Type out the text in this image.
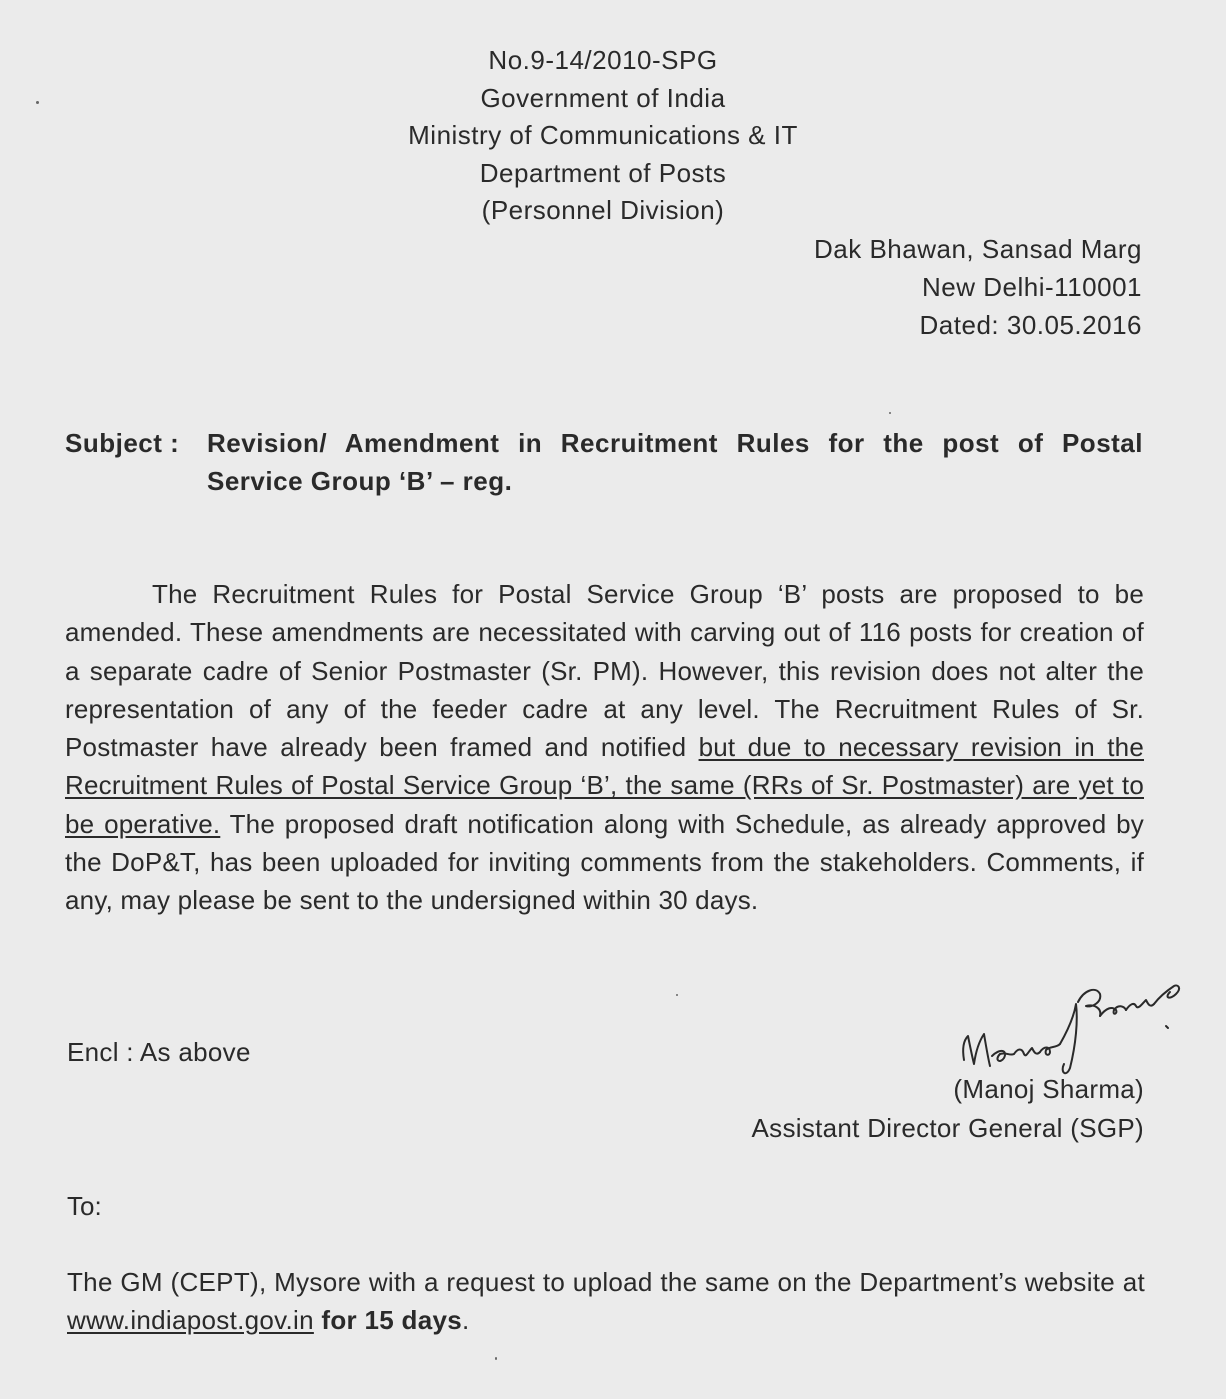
No.9-14/2010-SPG
Government of India
Ministry of Communications & IT
Department of Posts
(Personnel Division)
Dak Bhawan, Sansad Marg
New Delhi-110001
Dated: 30.05.2016
Subject : Revision/ Amendment in Recruitment Rules for the post of Postal Service Group ‘B’ – reg.
The Recruitment Rules for Postal Service Group ‘B’ posts are proposed to be amended. These amendments are necessitated with carving out of 116 posts for creation of a separate cadre of Senior Postmaster (Sr. PM). However, this revision does not alter the representation of any of the feeder cadre at any level. The Recruitment Rules of Sr. Postmaster have already been framed and notified but due to necessary revision in the Recruitment Rules of Postal Service Group ‘B’, the same (RRs of Sr. Postmaster) are yet to be operative. The proposed draft notification along with Schedule, as already approved by the DoP&T, has been uploaded for inviting comments from the stakeholders. Comments, if any, may please be sent to the undersigned within 30 days.
Encl : As above
(Manoj Sharma)
Assistant Director General (SGP)
To:
The GM (CEPT), Mysore with a request to upload the same on the Department’s website at www.indiapost.gov.in for 15 days.
